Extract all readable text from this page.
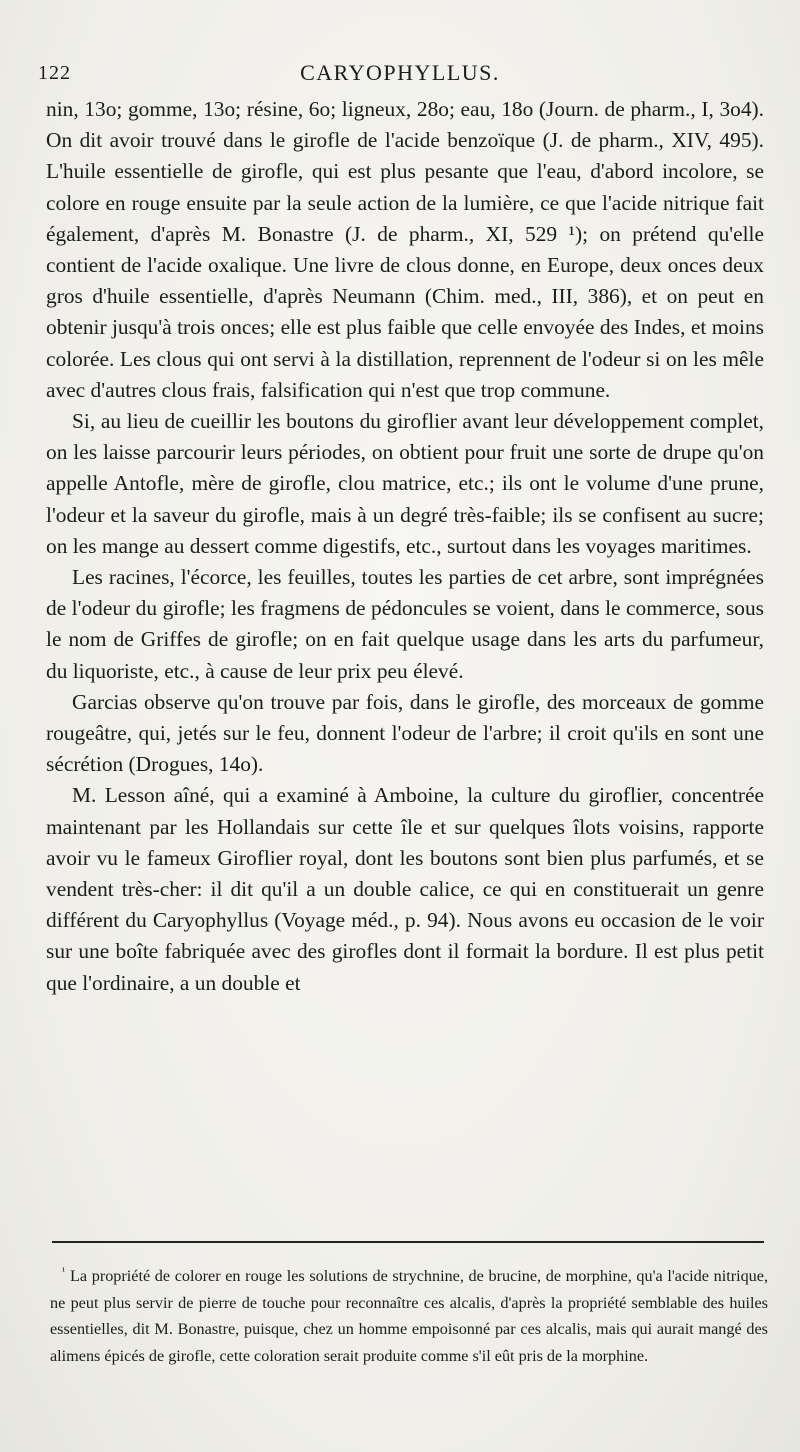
122	CARYOPHYLLUS.

nin, 13o; gomme, 13o; résine, 6o; ligneux, 28o; eau, 18o (Journ. de pharm., I, 3o4). On dit avoir trouvé dans le girofle de l'acide benzoïque (J. de pharm., XIV, 495). L'huile essentielle de girofle, qui est plus pesante que l'eau, d'abord incolore, se colore en rouge ensuite par la seule action de la lumière, ce que l'acide nitrique fait également, d'après M. Bonastre (J. de pharm., XI, 529 ¹); on prétend qu'elle contient de l'acide oxalique. Une livre de clous donne, en Europe, deux onces deux gros d'huile essentielle, d'après Neumann (Chim. med., III, 386), et on peut en obtenir jusqu'à trois onces; elle est plus faible que celle envoyée des Indes, et moins colorée. Les clous qui ont servi à la distillation, reprennent de l'odeur si on les mêle avec d'autres clous frais, falsification qui n'est que trop commune.

Si, au lieu de cueillir les boutons du giroflier avant leur développement complet, on les laisse parcourir leurs périodes, on obtient pour fruit une sorte de drupe qu'on appelle Antofle, mère de girofle, clou matrice, etc.; ils ont le volume d'une prune, l'odeur et la saveur du girofle, mais à un degré très-faible; ils se confisent au sucre; on les mange au dessert comme digestifs, etc., surtout dans les voyages maritimes.

Les racines, l'écorce, les feuilles, toutes les parties de cet arbre, sont imprégnées de l'odeur du girofle; les fragmens de pédoncules se voient, dans le commerce, sous le nom de Griffes de girofle; on en fait quelque usage dans les arts du parfumeur, du liquoriste, etc., à cause de leur prix peu élevé.

Garcias observe qu'on trouve par fois, dans le girofle, des morceaux de gomme rougeâtre, qui, jetés sur le feu, donnent l'odeur de l'arbre; il croit qu'ils en sont une sécrétion (Drogues, 14o).

M. Lesson aîné, qui a examiné à Amboine, la culture du giroflier, concentrée maintenant par les Hollandais sur cette île et sur quelques îlots voisins, rapporte avoir vu le fameux Giroflier royal, dont les boutons sont bien plus parfumés, et se vendent très-cher: il dit qu'il a un double calice, ce qui en constituerait un genre différent du Caryophyllus (Voyage méd., p. 94). Nous avons eu occasion de le voir sur une boîte fabriquée avec des girofles dont il formait la bordure. Il est plus petit que l'ordinaire, a un double et

$^{^1}$ La propriété de colorer en rouge les solutions de strychnine, de brucine, de morphine, qu'a l'acide nitrique, ne peut plus servir de pierre de touche pour reconnaître ces alcalis, d'après la propriété semblable des huiles essentielles, dit M. Bonastre, puisque, chez un homme empoisonné par ces alcalis, mais qui aurait mangé des alimens épicés de girofle, cette coloration serait produite comme s'il eût pris de la morphine.
